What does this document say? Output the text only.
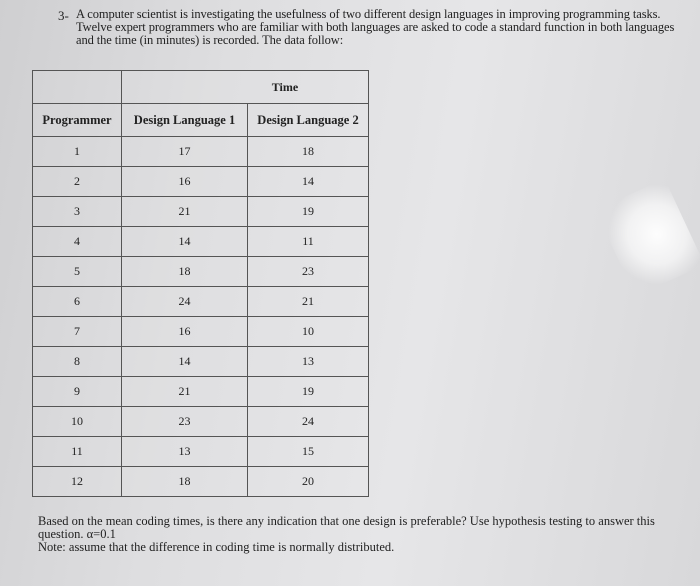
3- A computer scientist is investigating the usefulness of two different design languages in improving programming tasks. Twelve expert programmers who are familiar with both languages are asked to code a standard function in both languages and the time (in minutes) is recorded. The data follow:
	Time	
Programmer	Design Language 1	Design Language 2
1	17	18
2	16	14
3	21	19
4	14	11
5	18	23
6	24	21
7	16	10
8	14	13
9	21	19
10	23	24
11	13	15
12	18	20
Based on the mean coding times, is there any indication that one design is preferable? Use hypothesis testing to answer this question. α=0.1
Note: assume that the difference in coding time is normally distributed.
